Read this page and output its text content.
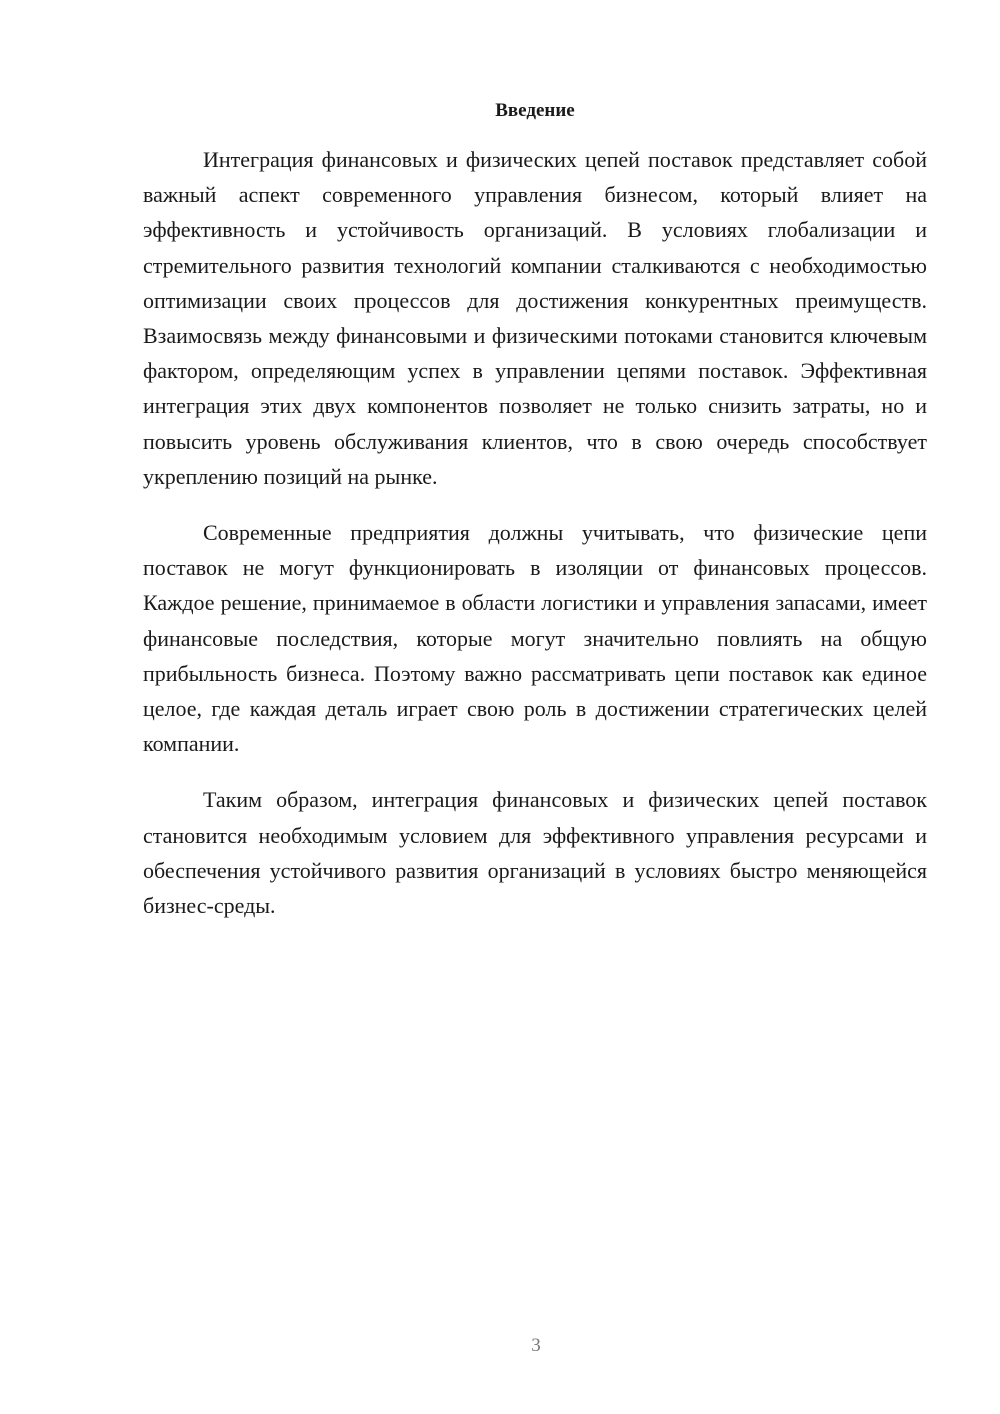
Введение

Интеграция финансовых и физических цепей поставок представляет собой важный аспект современного управления бизнесом, который влияет на эффективность и устойчивость организаций. В условиях глобализации и стремительного развития технологий компании сталкиваются с необходимостью оптимизации своих процессов для достижения конкурентных преимуществ. Взаимосвязь между финансовыми и физическими потоками становится ключевым фактором, определяющим успех в управлении цепями поставок. Эффективная интеграция этих двух компонентов позволяет не только снизить затраты, но и повысить уровень обслуживания клиентов, что в свою очередь способствует укреплению позиций на рынке.

Современные предприятия должны учитывать, что физические цепи поставок не могут функционировать в изоляции от финансовых процессов. Каждое решение, принимаемое в области логистики и управления запасами, имеет финансовые последствия, которые могут значительно повлиять на общую прибыльность бизнеса. Поэтому важно рассматривать цепи поставок как единое целое, где каждая деталь играет свою роль в достижении стратегических целей компании.

Таким образом, интеграция финансовых и физических цепей поставок становится необходимым условием для эффективного управления ресурсами и обеспечения устойчивого развития организаций в условиях быстро меняющейся бизнес-среды.

3
